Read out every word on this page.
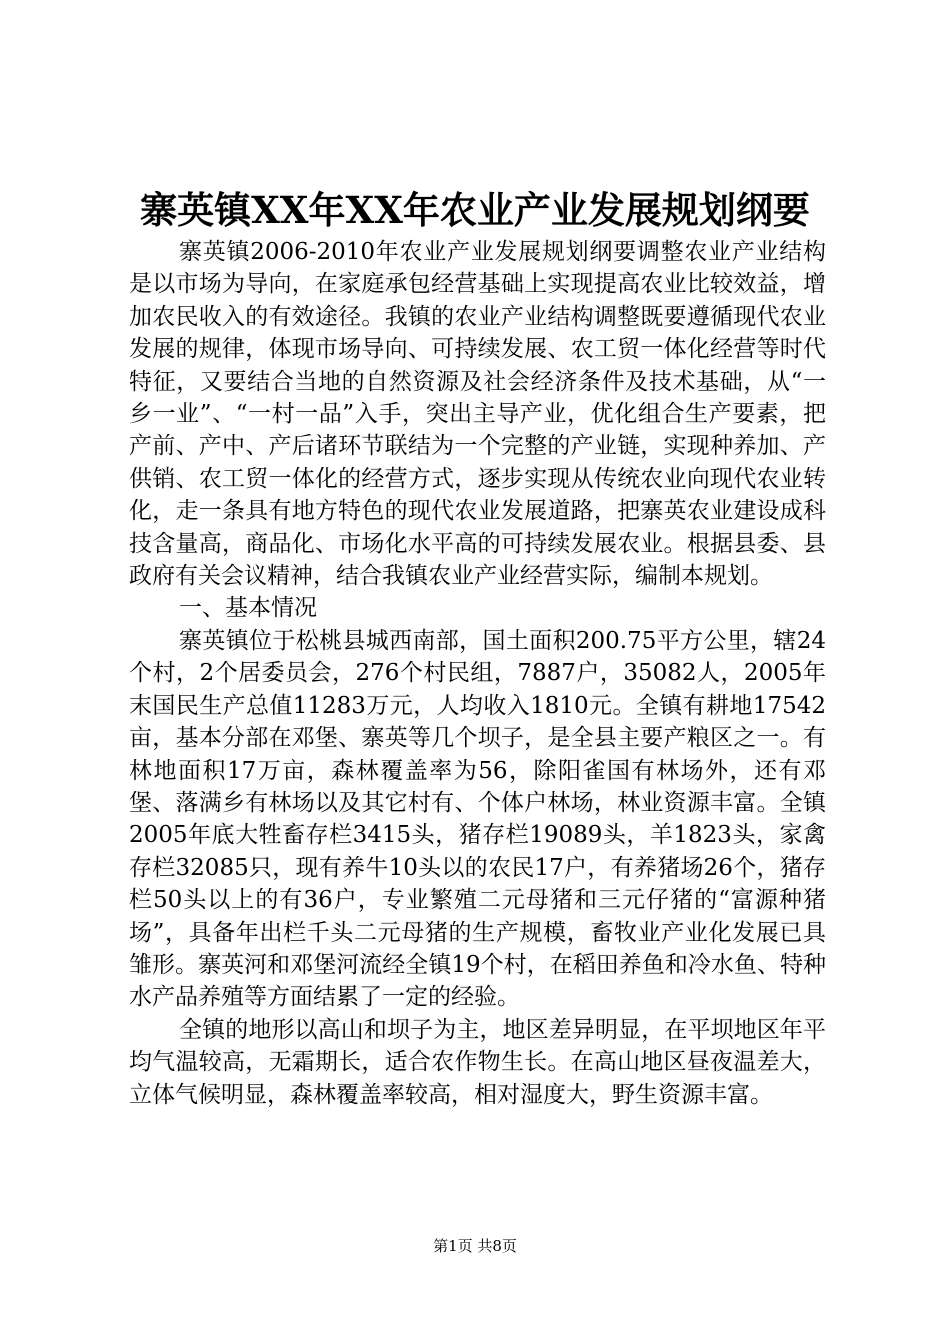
寨英镇XX年XX年农业产业发展规划纲要

寨英镇2006-2010年农业产业发展规划纲要调整农业产业结构是以市场为导向，在家庭承包经营基础上实现提高农业比较效益，增加农民收入的有效途径。我镇的农业产业结构调整既要遵循现代农业发展的规律，体现市场导向、可持续发展、农工贸一体化经营等时代特征，又要结合当地的自然资源及社会经济条件及技术基础，从“一乡一业”、“一村一品”入手，突出主导产业，优化组合生产要素，把产前、产中、产后诸环节联结为一个完整的产业链，实现种养加、产供销、农工贸一体化的经营方式，逐步实现从传统农业向现代农业转化，走一条具有地方特色的现代农业发展道路，把寨英农业建设成科技含量高，商品化、市场化水平高的可持续发展农业。根据县委、县政府有关会议精神，结合我镇农业产业经营实际，编制本规划。

一、基本情况

寨英镇位于松桃县城西南部，国土面积200.75平方公里，辖24个村，2个居委员会，276个村民组，7887户，35082人，2005年末国民生产总值11283万元，人均收入1810元。全镇有耕地17542亩，基本分部在邓堡、寨英等几个坝子，是全县主要产粮区之一。有林地面积17万亩，森林覆盖率为56，除阳雀国有林场外，还有邓堡、落满乡有林场以及其它村有、个体户林场，林业资源丰富。全镇2005年底大牲畜存栏3415头，猪存栏19089头，羊1823头，家禽存栏32085只，现有养牛10头以的农民17户，有养猪场26个，猪存栏50头以上的有36户，专业繁殖二元母猪和三元仔猪的“富源种猪场”，具备年出栏千头二元母猪的生产规模，畜牧业产业化发展已具雏形。寨英河和邓堡河流经全镇19个村，在稻田养鱼和冷水鱼、特种水产品养殖等方面结累了一定的经验。

全镇的地形以高山和坝子为主，地区差异明显，在平坝地区年平均气温较高，无霜期长，适合农作物生长。在高山地区昼夜温差大，立体气候明显，森林覆盖率较高，相对湿度大，野生资源丰富。

第1页 共8页
